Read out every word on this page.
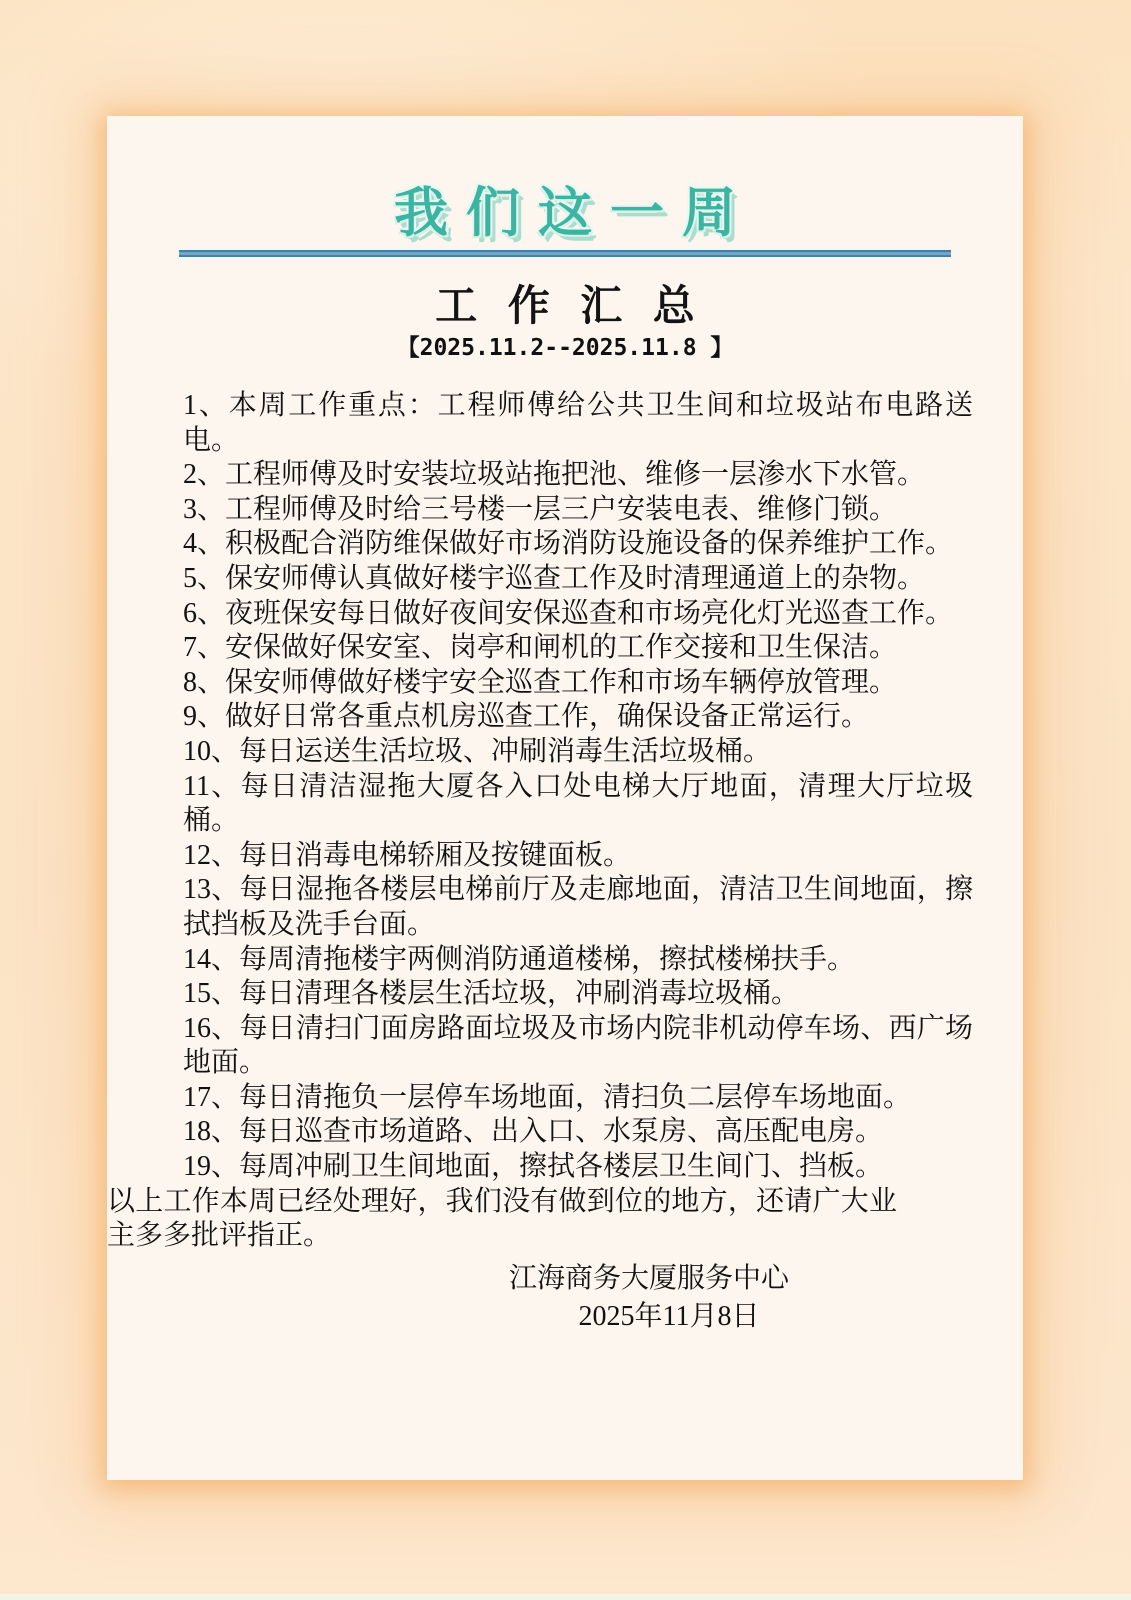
我们这一周
工 作 汇 总
【2025.11.2--2025.11.8 】
1、本周工作重点：工程师傅给公共卫生间和垃圾站布电路送电。
2、工程师傅及时安装垃圾站拖把池、维修一层渗水下水管。
3、工程师傅及时给三号楼一层三户安装电表、维修门锁。
4、积极配合消防维保做好市场消防设施设备的保养维护工作。
5、保安师傅认真做好楼宇巡查工作及时清理通道上的杂物。
6、夜班保安每日做好夜间安保巡查和市场亮化灯光巡查工作。
7、安保做好保安室、岗亭和闸机的工作交接和卫生保洁。
8、保安师傅做好楼宇安全巡查工作和市场车辆停放管理。
9、做好日常各重点机房巡查工作，确保设备正常运行。
10、每日运送生活垃圾、冲刷消毒生活垃圾桶。
11、每日清洁湿拖大厦各入口处电梯大厅地面，清理大厅垃圾桶。
12、每日消毒电梯轿厢及按键面板。
13、每日湿拖各楼层电梯前厅及走廊地面，清洁卫生间地面，擦拭挡板及洗手台面。
14、每周清拖楼宇两侧消防通道楼梯，擦拭楼梯扶手。
15、每日清理各楼层生活垃圾，冲刷消毒垃圾桶。
16、每日清扫门面房路面垃圾及市场内院非机动停车场、西广场地面。
17、每日清拖负一层停车场地面，清扫负二层停车场地面。
18、每日巡查市场道路、出入口、水泵房、高压配电房。
19、每周冲刷卫生间地面，擦拭各楼层卫生间门、挡板。
以上工作本周已经处理好，我们没有做到位的地方，还请广大业主多多批评指正。
江海商务大厦服务中心
2025年11月8日
